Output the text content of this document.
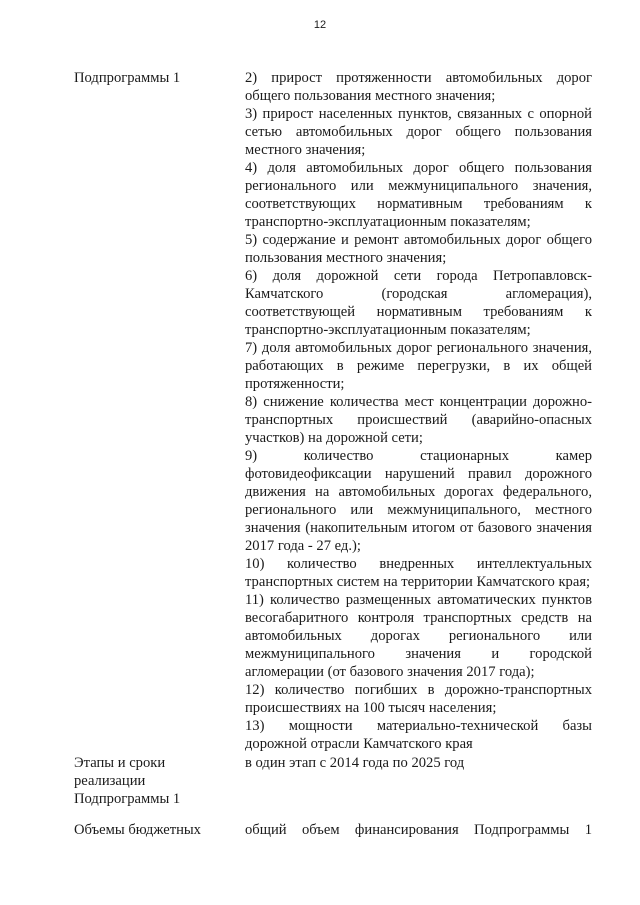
12
Подпрограммы 1	2) прирост протяженности автомобильных дорог общего пользования местного значения;
3) прирост населенных пунктов, связанных с опорной сетью автомобильных дорог общего пользования местного значения;
4) доля автомобильных дорог общего пользования регионального или межмуниципального значения, соответствующих нормативным требованиям к транспортно-эксплуатационным показателям;
5) содержание и ремонт автомобильных дорог общего пользования местного значения;
6) доля дорожной сети города Петропавловск-Камчатского (городская агломерация), соответствующей нормативным требованиям к транспортно-эксплуатационным показателям;
7) доля автомобильных дорог регионального значения, работающих в режиме перегрузки, в их общей протяженности;
8) снижение количества мест концентрации дорожно-транспортных происшествий (аварийно-опасных участков) на дорожной сети;
9) количество стационарных камер фотовидеофиксации нарушений правил дорожного движения на автомобильных дорогах федерального, регионального или межмуниципального, местного значения (накопительным итогом от базового значения 2017 года - 27 ед.);
10) количество внедренных интеллектуальных транспортных систем на территории Камчатского края;
11) количество размещенных автоматических пунктов весогабаритного контроля транспортных средств на автомобильных дорогах регионального или межмуниципального значения и городской агломерации (от базового значения 2017 года);
12) количество погибших в дорожно-транспортных происшествиях на 100 тысяч населения;
13) мощности материально-технической базы дорожной отрасли Камчатского края
Этапы и сроки реализации Подпрограммы 1
в один этап с 2014 года по 2025 год
Объемы бюджетных	общий объем финансирования Подпрограммы 1
